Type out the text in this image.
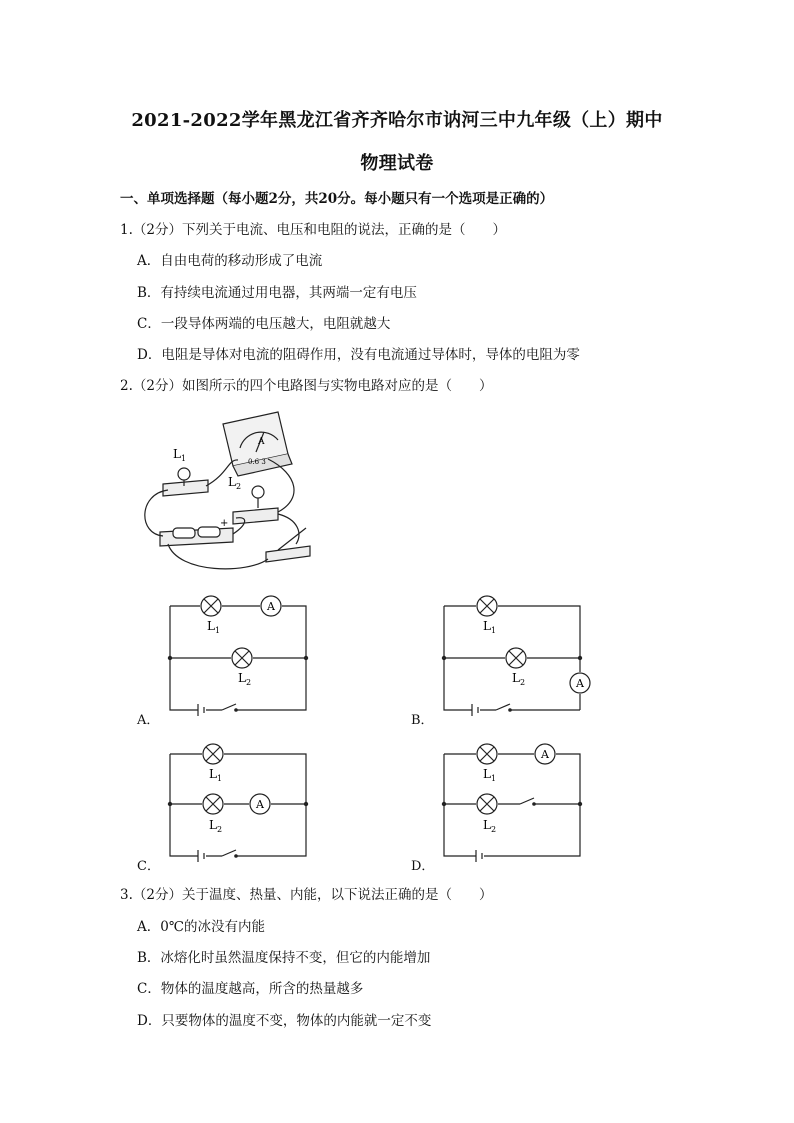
2021-2022学年黑龙江省齐齐哈尔市讷河三中九年级（上）期中
物理试卷
一、单项选择题（每小题2分，共20分。每小题只有一个选项是正确的）
1.（2分）下列关于电流、电压和电阻的说法，正确的是（　　）
A．自由电荷的移动形成了电流
B．有持续电流通过用电器，其两端一定有电压
C．一段导体两端的电压越大，电阻就越大
D．电阻是导体对电流的阻碍作用，没有电流通过导体时，导体的电阻为零
2.（2分）如图所示的四个电路图与实物电路对应的是（　　）
L 1
L 2
A
0.6 3
+
A．
A
L 1
L 2
B．
A
L 1
L 2
C．
A
L 1
L 2
D．
A
L 1
L 2
3.（2分）关于温度、热量、内能，以下说法正确的是（　　）
A．0℃的冰没有内能
B．冰熔化时虽然温度保持不变，但它的内能增加
C．物体的温度越高，所含的热量越多
D．只要物体的温度不变，物体的内能就一定不变
